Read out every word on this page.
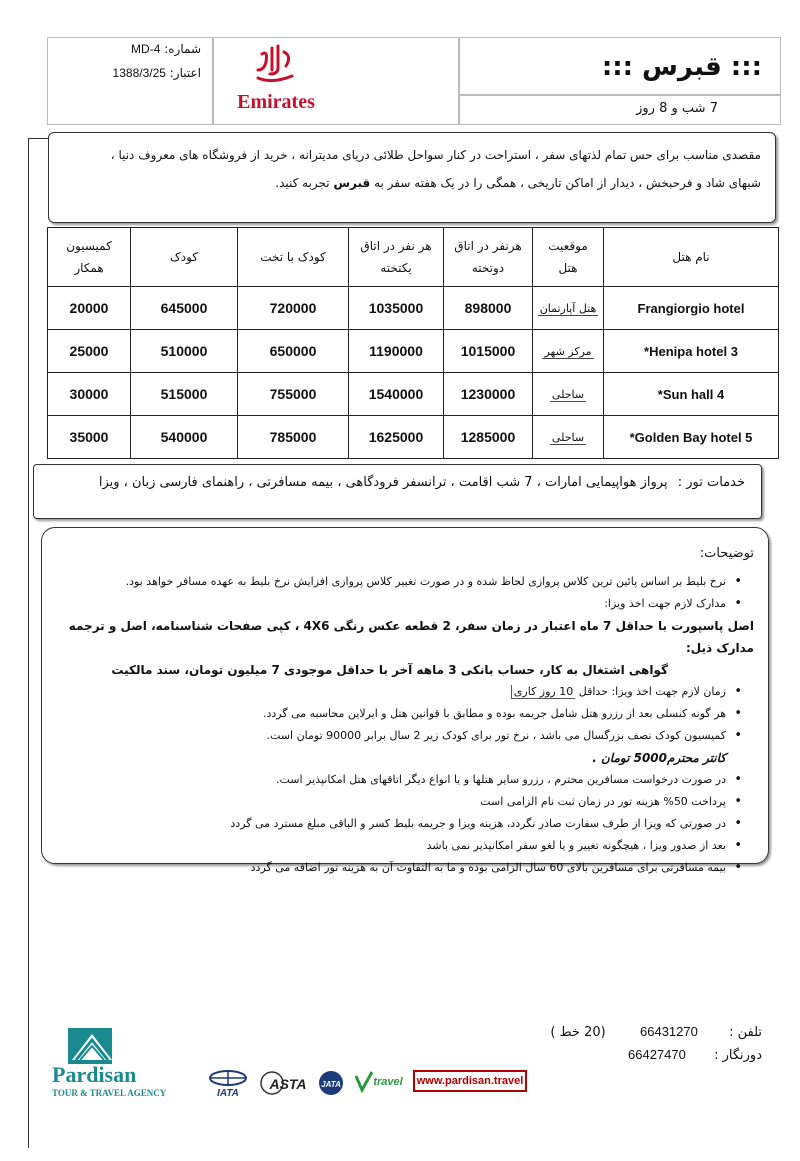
::: قبرس :::
7 شب و 8 روز
Emirates
شماره: MD-4
اعتبار: 1388/3/25
مقصدی مناسب برای حس تمام لذتهای سفر ، استراحت در کنار سواحل طلائی دریای مدیترانه ، خرید از فروشگاه های معروف دنیا ،
شبهای شاد و فرحبخش ، دیدار از اماکن تاریخی ، همگی را در یک هفته سفر به قبرس تجربه کنید.
نام هتل	موقعیت هتل	هرنفر در اتاق دوتخته	هر نفر در اتاق یکتخته	کودک با تخت	کودک	کمیسیون همکار
Frangiorgio hotel	هتل آپارتمان	898000	1035000	720000	645000	20000
Henipa hotel 3*	مرکز شهر	1015000	1190000	650000	510000	25000
Sun hall 4*	ساحلی	1230000	1540000	755000	515000	30000
Golden Bay hotel 5*	ساحلی	1285000	1625000	785000	540000	35000
خدمات تور : پرواز هواپیمایی امارات ، 7 شب اقامت ، ترانسفر فرودگاهی ، بیمه مسافرتی ، راهنمای فارسی زبان ، ویزا
توضیحات:
• نرخ بلیط بر اساس پائین ترین کلاس پروازی لحاظ شده و در صورت تغییر کلاس پروازی افزایش نرخ بلیط به عهده مسافر خواهد بود.
• مدارک لازم جهت اخذ ویزا:
اصل پاسپورت با حداقل 7 ماه اعتبار در زمان سفر، 2 قطعه عکس رنگی 4X6 ، کپی صفحات شناسنامه، اصل و ترجمه مدارک ذیل:
گواهی اشتغال به کار، حساب بانکی 3 ماهه آخر با حداقل موجودی 7 میلیون تومان، سند مالکیت
• زمان لازم جهت اخذ ویزا: حداقل 10 روز کاری
• هر گونه کنسلی بعد از رزرو هتل شامل جریمه بوده و مطابق با قوانین هتل و ایرلاین محاسبه می گردد.
• کمیسیون کودک نصف بزرگسال می باشد ، نرخ تور برای کودک زیر 2 سال برابر 90000 تومان است.
کانتر محترم5000 تومان .
• در صورت درخواست مسافرین محترم ، رزرو سایر هتلها و یا انواع دیگر اتاقهای هتل امکانپذیر است.
• پرداخت 50% هزینه تور در زمان ثبت نام الزامی است
• در صورتی که ویزا از طرف سفارت صادر نگردد، هزینه ویزا و جریمه بلیط کسر و الباقی مبلغ مسترد می گردد
• بعد از صدور ویزا ، هیچگونه تغییر و یا لغو سفر امکانپذیر نمی باشد
• بیمه مسافرتی برای مسافرین بالای 60 سال الزامی بوده و ما به التفاوت آن به هزینه تور اضافه می گردد
تلفن : 66431270 (20 خط )
دورنگار : 66427470
Pardisan
TOUR & TRAVEL AGENCY	IATA
ASTA JATA	travel	www.pardisan.travel
